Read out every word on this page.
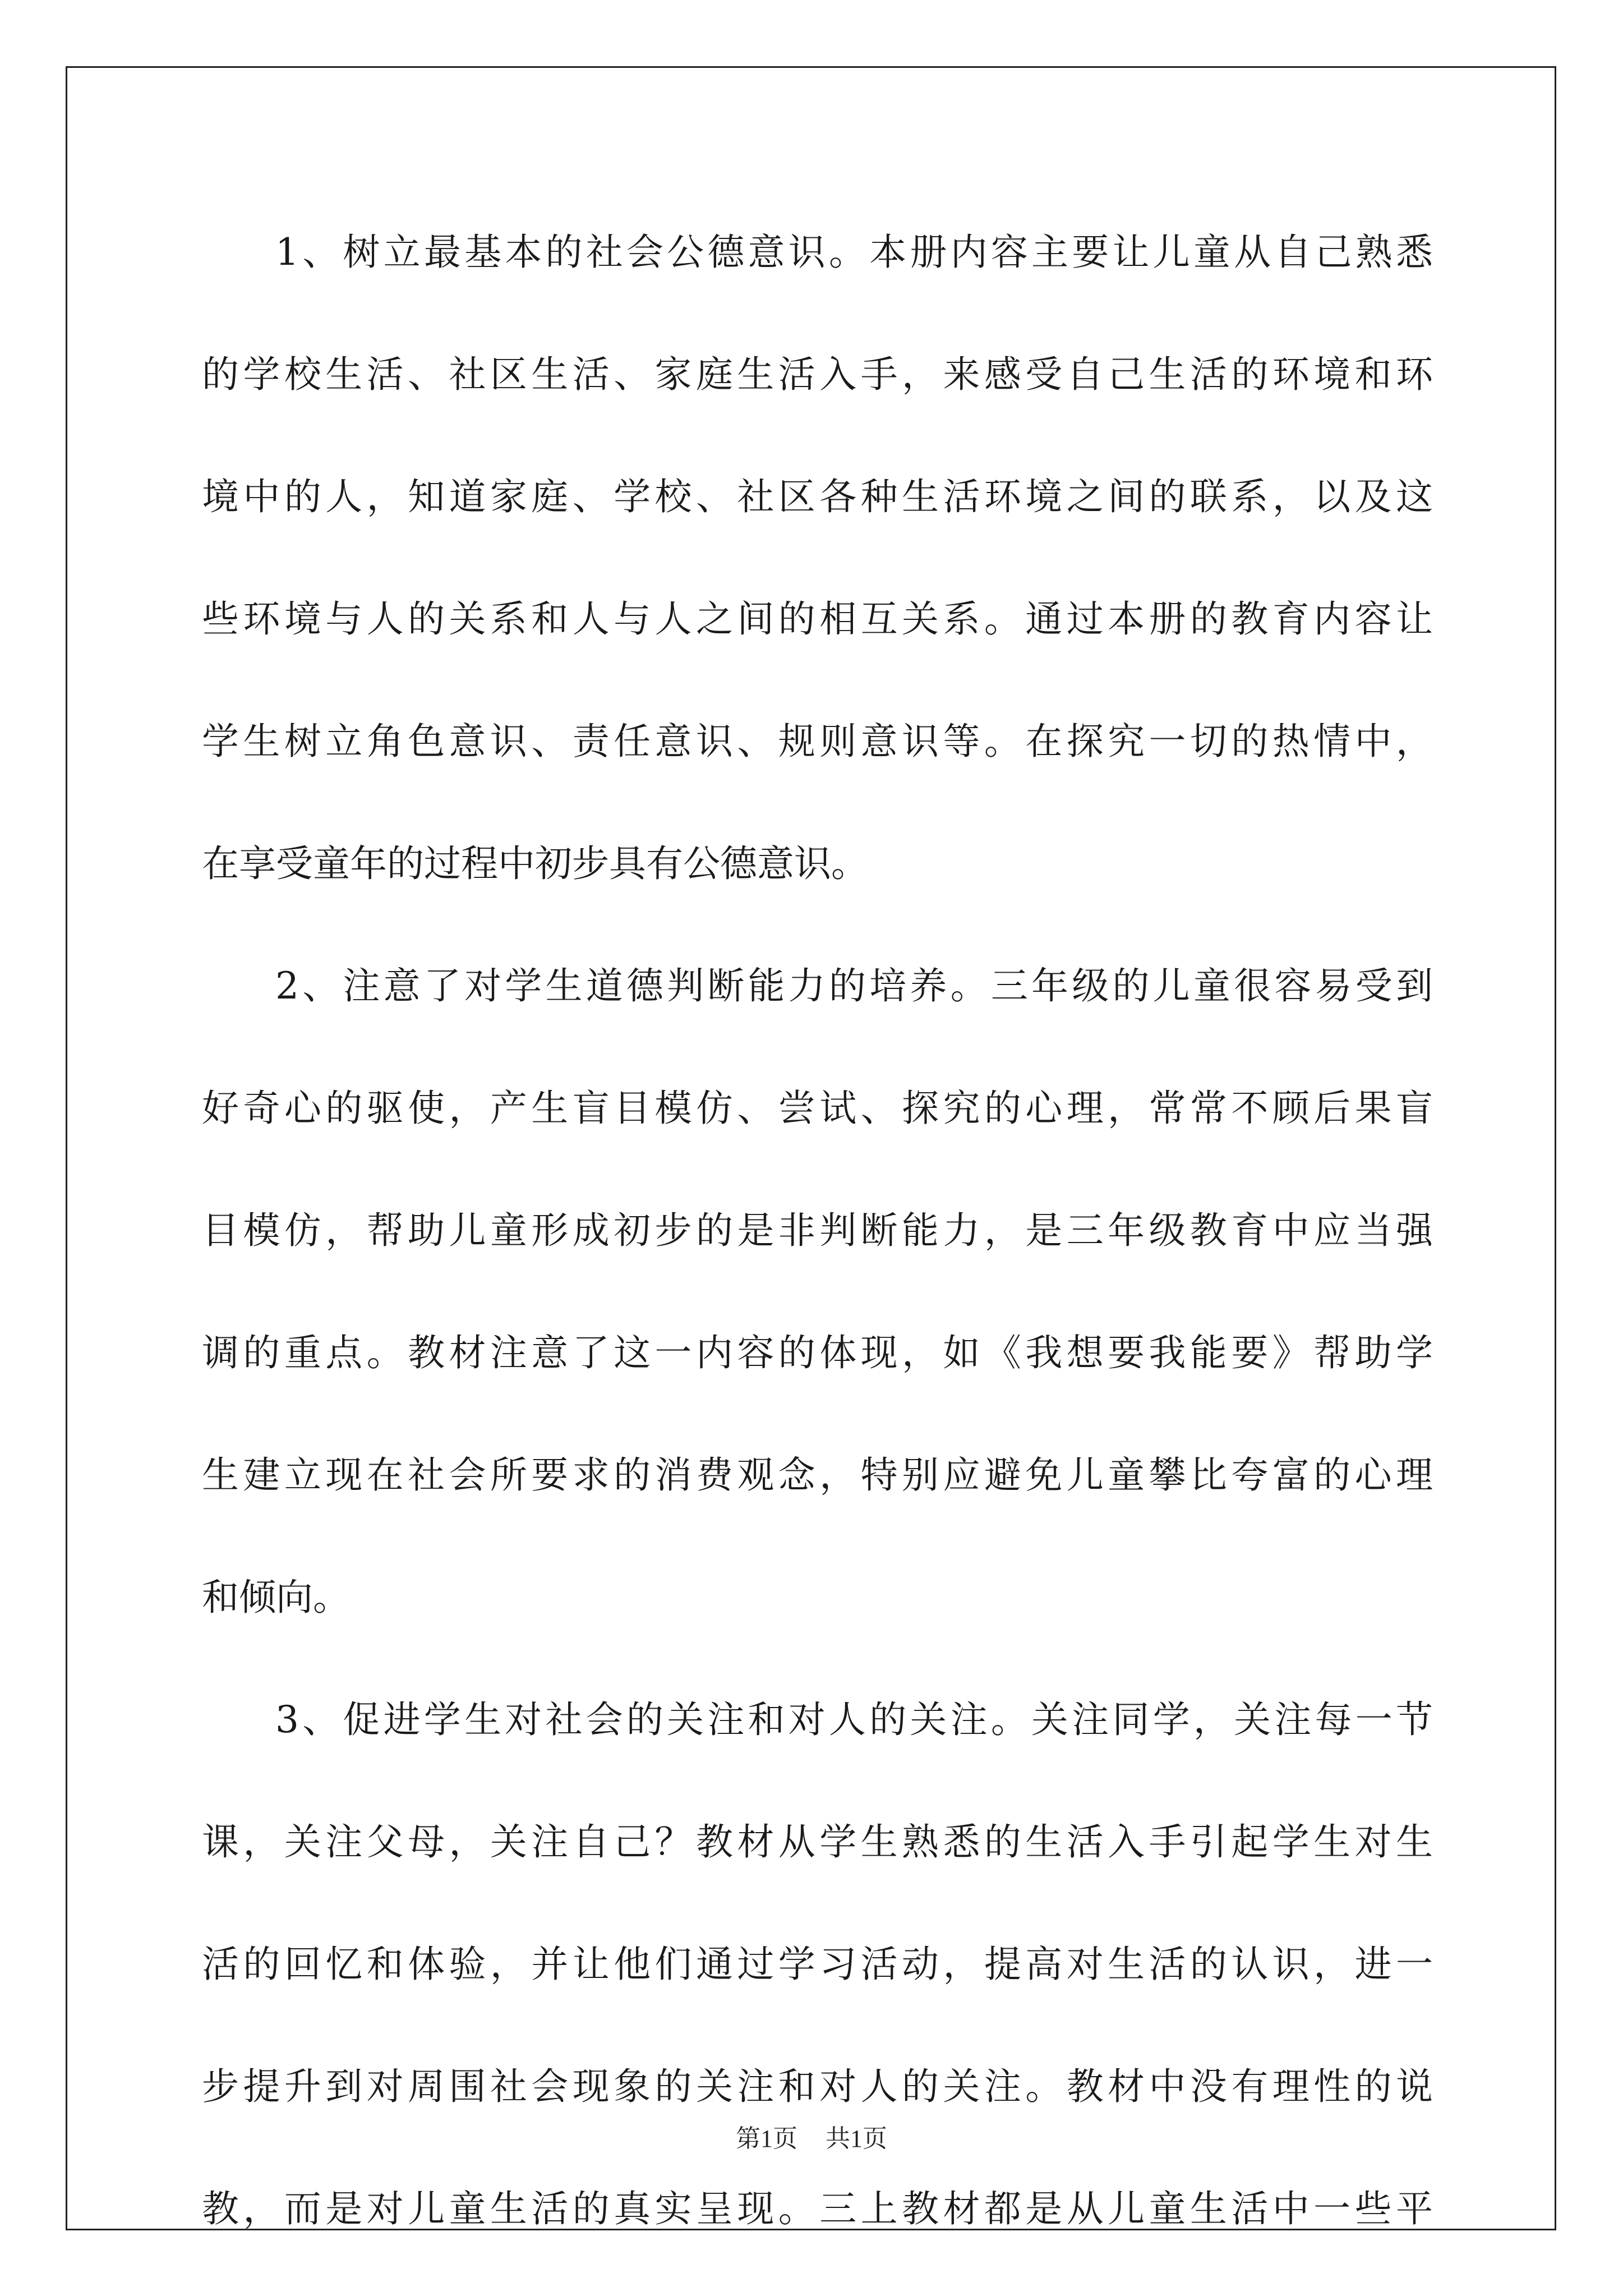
1、树立最基本的社会公德意识。本册内容主要让儿童从自己熟悉
的学校生活、社区生活、家庭生活入手，来感受自己生活的环境和环
境中的人，知道家庭、学校、社区各种生活环境之间的联系，以及这
些环境与人的关系和人与人之间的相互关系。通过本册的教育内容让
学生树立角色意识、责任意识、规则意识等。在探究一切的热情中，
在享受童年的过程中初步具有公德意识。
2、注意了对学生道德判断能力的培养。三年级的儿童很容易受到
好奇心的驱使，产生盲目模仿、尝试、探究的心理，常常不顾后果盲
目模仿，帮助儿童形成初步的是非判断能力，是三年级教育中应当强
调的重点。教材注意了这一内容的体现，如《我想要我能要》帮助学
生建立现在社会所要求的消费观念，特别应避免儿童攀比夸富的心理
和倾向。
3、促进学生对社会的关注和对人的关注。关注同学，关注每一节
课，关注父母，关注自己？教材从学生熟悉的生活入手引起学生对生
活的回忆和体验，并让他们通过学习活动，提高对生活的认识，进一
步提升到对周围社会现象的关注和对人的关注。教材中没有理性的说
教，而是对儿童生活的真实呈现。三上教材都是从儿童生活中一些平
第1页 共1页
